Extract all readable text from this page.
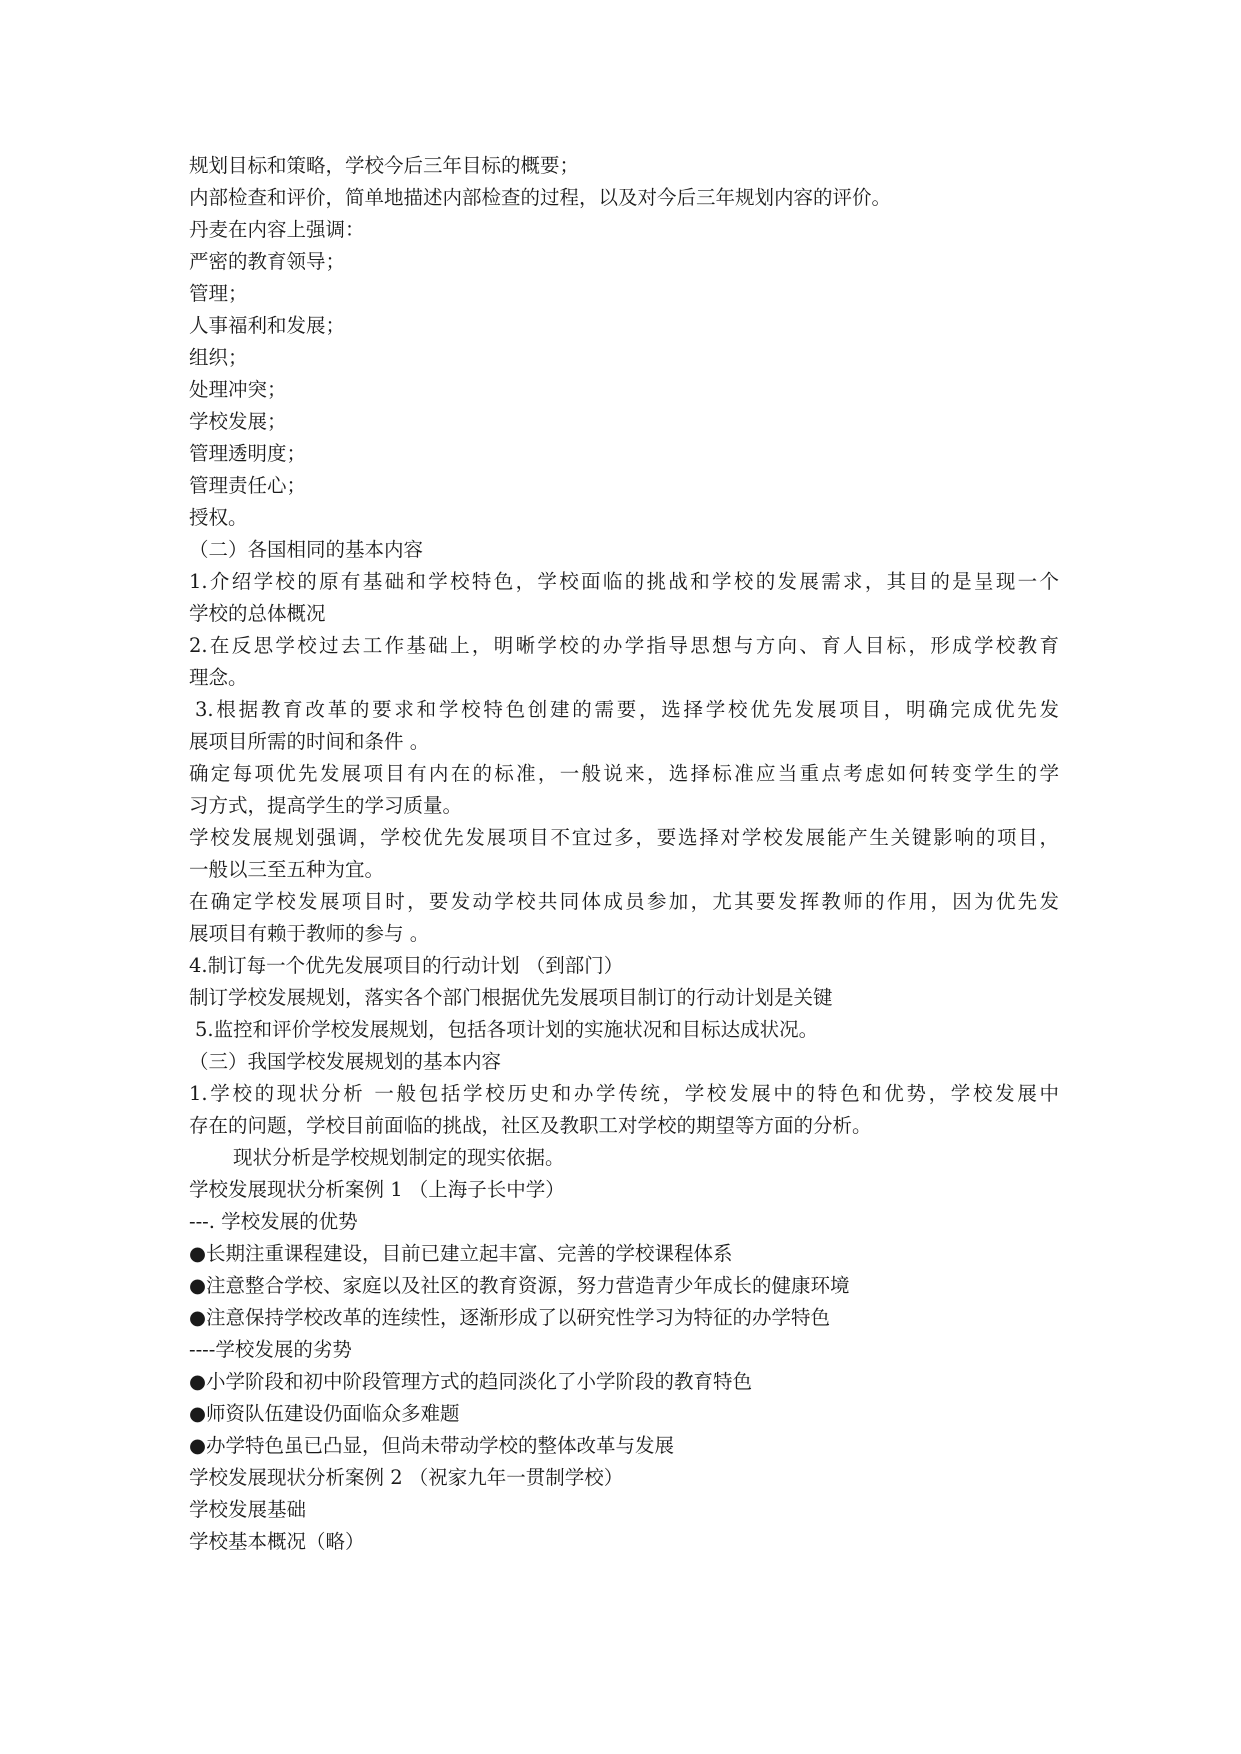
规划目标和策略，学校今后三年目标的概要；
内部检查和评价，简单地描述内部检查的过程，以及对今后三年规划内容的评价。
丹麦在内容上强调：
严密的教育领导；
管理；
人事福利和发展；
组织；
处理冲突；
学校发展；
管理透明度；
管理责任心；
授权。
（二）各国相同的基本内容
1.介绍学校的原有基础和学校特色，学校面临的挑战和学校的发展需求，其目的是呈现一个
学校的总体概况
2.在反思学校过去工作基础上，明晰学校的办学指导思想与方向、育人目标，形成学校教育
理念。
3.根据教育改革的要求和学校特色创建的需要，选择学校优先发展项目，明确完成优先发
展项目所需的时间和条件 。
确定每项优先发展项目有内在的标准，一般说来，选择标准应当重点考虑如何转变学生的学
习方式，提高学生的学习质量。
学校发展规划强调，学校优先发展项目不宜过多，要选择对学校发展能产生关键影响的项目，
一般以三至五种为宜。
在确定学校发展项目时，要发动学校共同体成员参加，尤其要发挥教师的作用，因为优先发
展项目有赖于教师的参与 。
4.制订每一个优先发展项目的行动计划 （到部门）
制订学校发展规划，落实各个部门根据优先发展项目制订的行动计划是关键
5.监控和评价学校发展规划，包括各项计划的实施状况和目标达成状况。
（三）我国学校发展规划的基本内容
1.学校的现状分析 一般包括学校历史和办学传统，学校发展中的特色和优势，学校发展中
存在的问题，学校目前面临的挑战，社区及教职工对学校的期望等方面的分析。
现状分析是学校规划制定的现实依据。
学校发展现状分析案例 1 （上海子长中学）
---. 学校发展的优势
●长期注重课程建设，目前已建立起丰富、完善的学校课程体系
●注意整合学校、家庭以及社区的教育资源，努力营造青少年成长的健康环境
●注意保持学校改革的连续性，逐渐形成了以研究性学习为特征的办学特色
----学校发展的劣势
●小学阶段和初中阶段管理方式的趋同淡化了小学阶段的教育特色
●师资队伍建设仍面临众多难题
●办学特色虽已凸显，但尚未带动学校的整体改革与发展
学校发展现状分析案例 2 （祝家九年一贯制学校）
学校发展基础
学校基本概况（略）
